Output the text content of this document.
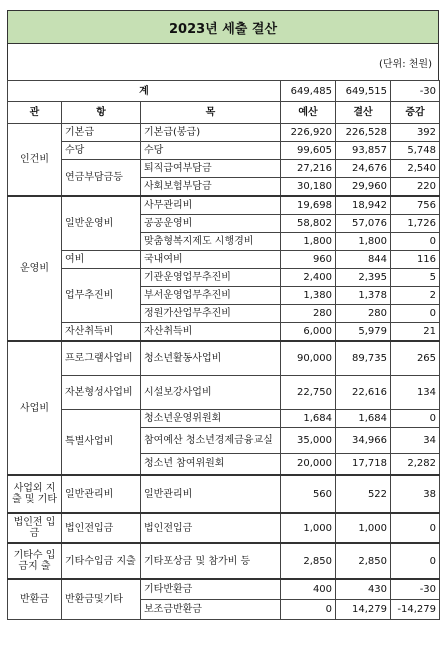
2023년 세출 결산
(단위: 천원)
계			649,485	649,515	-30
관	항	목	예산	결산	증감
인건비	기본급	기본급(봉급)	226,920	226,528	392
	수당	수당	99,605	93,857	5,748
	연금부담금등	퇴직급여부담금	27,216	24,676	2,540
		사회보험부담금	30,180	29,960	220
운영비	일반운영비	사무관리비	19,698	18,942	756
		공공운영비	58,802	57,076	1,726
		맞춤형복지제도 시행경비	1,800	1,800	0
	여비	국내여비	960	844	116
	업무추진비	기관운영업무추진비	2,400	2,395	5
		부서운영업무추진비	1,380	1,378	2
		정원가산업무추진비	280	280	0
	자산취득비	자산취득비	6,000	5,979	21
사업비	프로그램사업비	청소년활동사업비	90,000	89,735	265
	자본형성사업비	시설보강사업비	22,750	22,616	134
	특별사업비	청소년운영위원회	1,684	1,684	0
		참여예산 청소년경제금융교실	35,000	34,966	34
		청소년 참여위원회	20,000	17,718	2,282
사업외 지출 및 기타	일반관리비	일반관리비	560	522	38
법인전 입금	법인전입금	법인전입금	1,000	1,000	0
기타수 입금지 출	기타수입금 지출	기타포상금 및 참가비 등	2,850	2,850	0
반환금	반환금및기타	기타반환금	400	430	-30
		보조금반환금	0	14,279	-14,279
